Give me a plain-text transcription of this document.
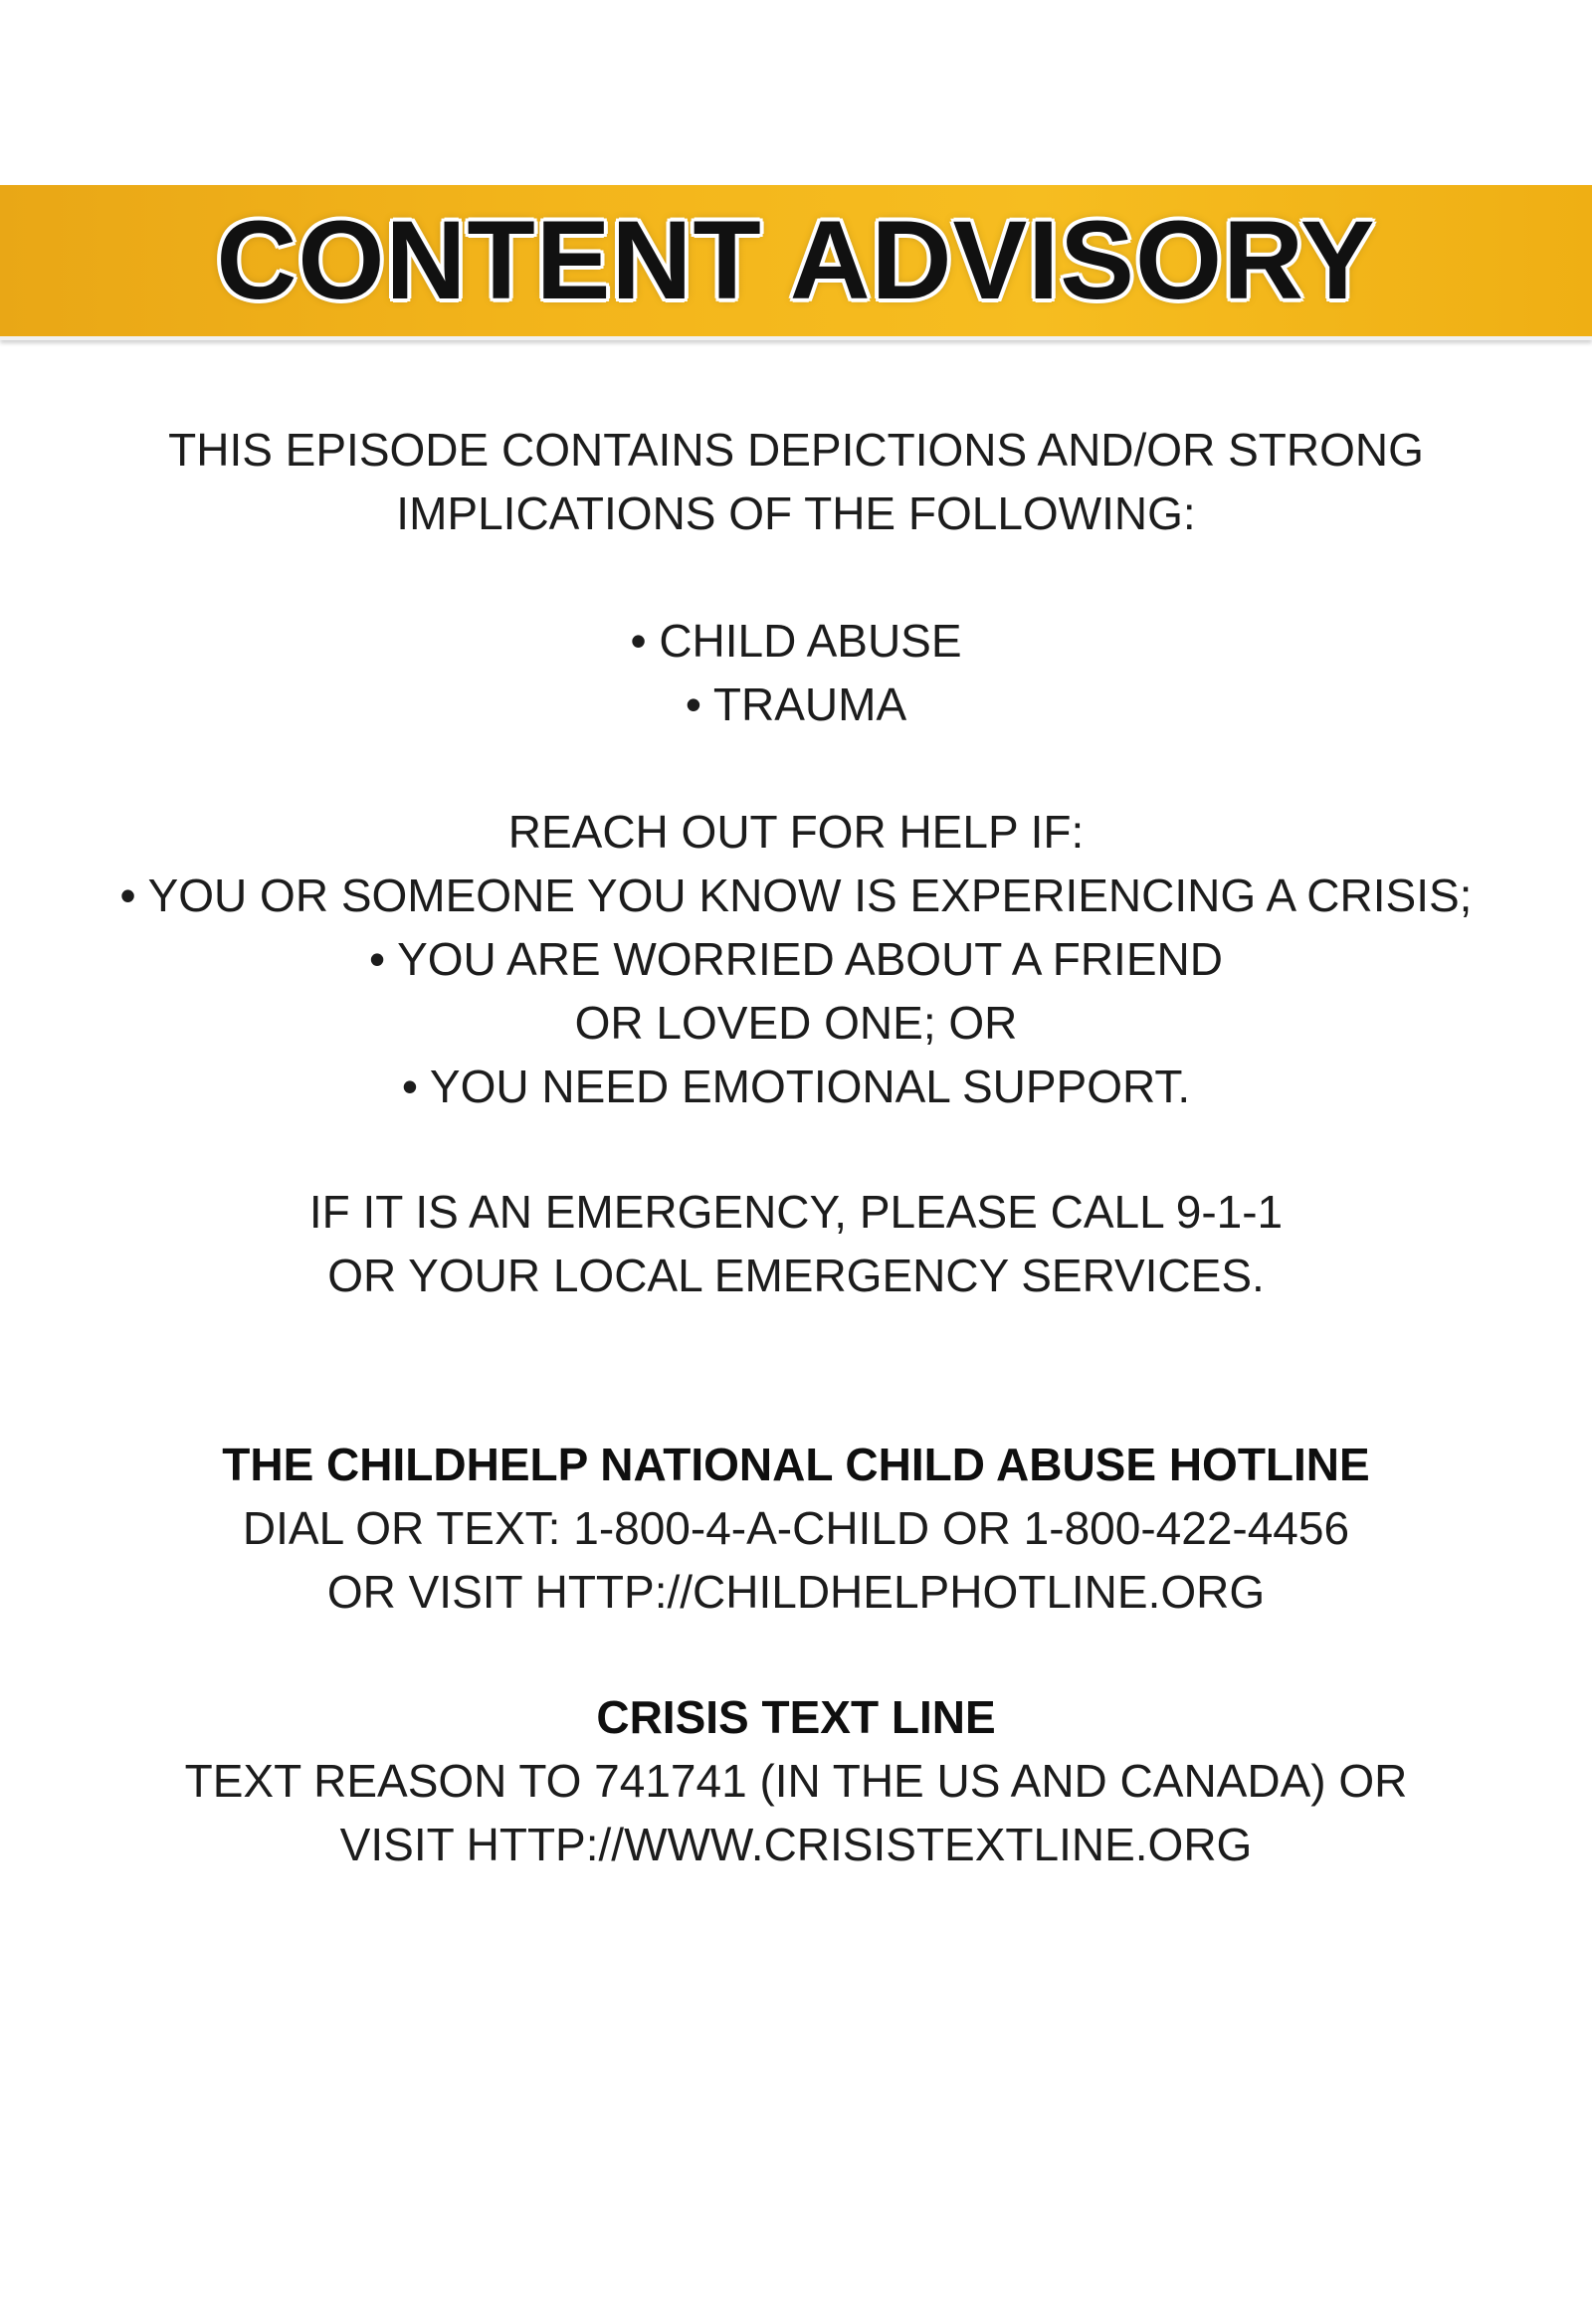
CONTENT ADVISORY
THIS EPISODE CONTAINS DEPICTIONS AND/OR STRONG
IMPLICATIONS OF THE FOLLOWING:
• CHILD ABUSE
• TRAUMA
REACH OUT FOR HELP IF:
• YOU OR SOMEONE YOU KNOW IS EXPERIENCING A CRISIS;
• YOU ARE WORRIED ABOUT A FRIEND
OR LOVED ONE; OR
• YOU NEED EMOTIONAL SUPPORT.
IF IT IS AN EMERGENCY, PLEASE CALL 9-1-1
OR YOUR LOCAL EMERGENCY SERVICES.
THE CHILDHELP NATIONAL CHILD ABUSE HOTLINE
DIAL OR TEXT: 1-800-4-A-CHILD OR 1-800-422-4456
OR VISIT HTTP://CHILDHELPHOTLINE.ORG
CRISIS TEXT LINE
TEXT REASON TO 741741 (IN THE US AND CANADA) OR
VISIT HTTP://WWW.CRISISTEXTLINE.ORG
